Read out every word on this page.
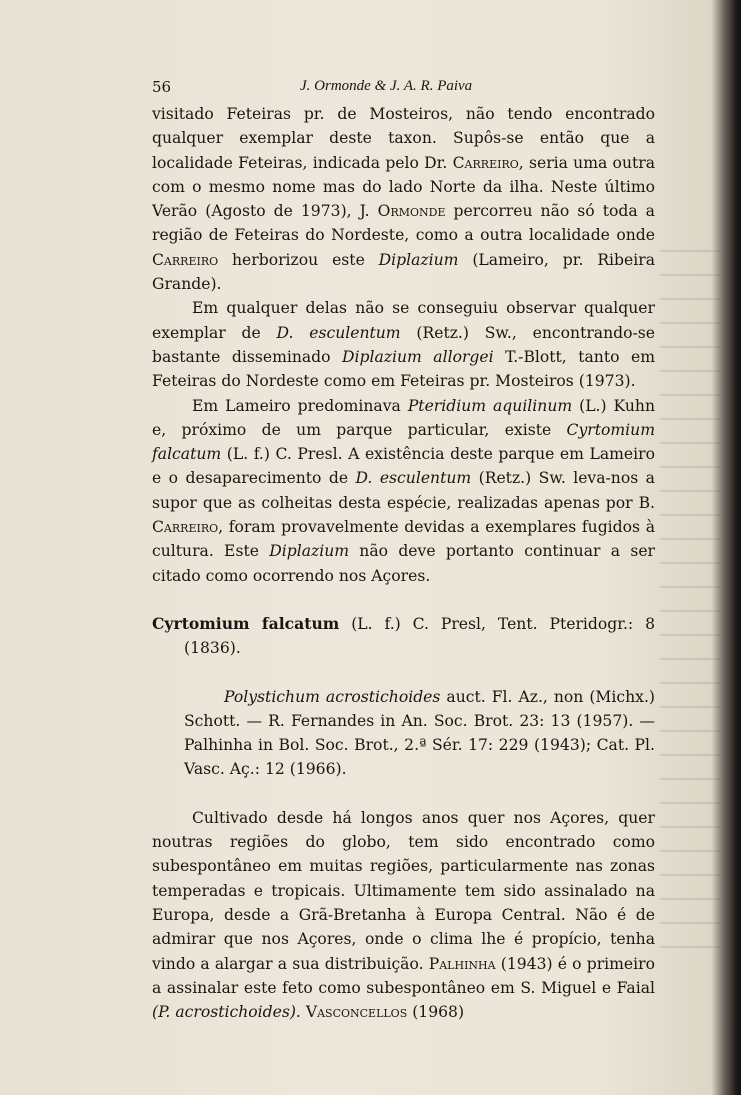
56	J. Ormonde & J. A. R. Paiva

visitado Feteiras pr. de Mosteiros, não tendo encontrado qualquer exemplar deste taxon. Supôs-se então que a localidade Feteiras, indicada pelo Dr. Carreiro, seria uma outra com o mesmo nome mas do lado Norte da ilha. Neste último Verão (Agosto de 1973), J. Ormonde percorreu não só toda a região de Feteiras do Nordeste, como a outra localidade onde Carreiro herborizou este Diplazium (Lameiro, pr. Ribeira Grande).

Em qualquer delas não se conseguiu observar qualquer exemplar de D. esculentum (Retz.) Sw., encontrando-se bastante disseminado Diplazium allorgei T.-Blott, tanto em Feteiras do Nordeste como em Feteiras pr. Mosteiros (1973).

Em Lameiro predominava Pteridium aquilinum (L.) Kuhn e, próximo de um parque particular, existe Cyrtomium falcatum (L. f.) C. Presl. A existência deste parque em Lameiro e o desaparecimento de D. esculentum (Retz.) Sw. leva-nos a supor que as colheitas desta espécie, realizadas apenas por B. Carreiro, foram provavelmente devidas a exemplares fugidos à cultura. Este Diplazium não deve portanto continuar a ser citado como ocorrendo nos Açores.

Cyrtomium falcatum (L. f.) C. Presl, Tent. Pteridogr.: 8 (1836).

Polystichum acrostichoides auct. Fl. Az., non (Michx.) Schott. — R. Fernandes in An. Soc. Brot. 23: 13 (1957). — Palhinha in Bol. Soc. Brot., 2.ª Sér. 17: 229 (1943); Cat. Pl. Vasc. Aç.: 12 (1966).

Cultivado desde há longos anos quer nos Açores, quer noutras regiões do globo, tem sido encontrado como subespontâneo em muitas regiões, particularmente nas zonas temperadas e tropicais. Ultimamente tem sido assinalado na Europa, desde a Grã-Bretanha à Europa Central. Não é de admirar que nos Açores, onde o clima lhe é propício, tenha vindo a alargar a sua distribuição. Palhinha (1943) é o primeiro a assinalar este feto como subespontâneo em S. Miguel e Faial (P. acrostichoides). Vasconcellos (1968)
